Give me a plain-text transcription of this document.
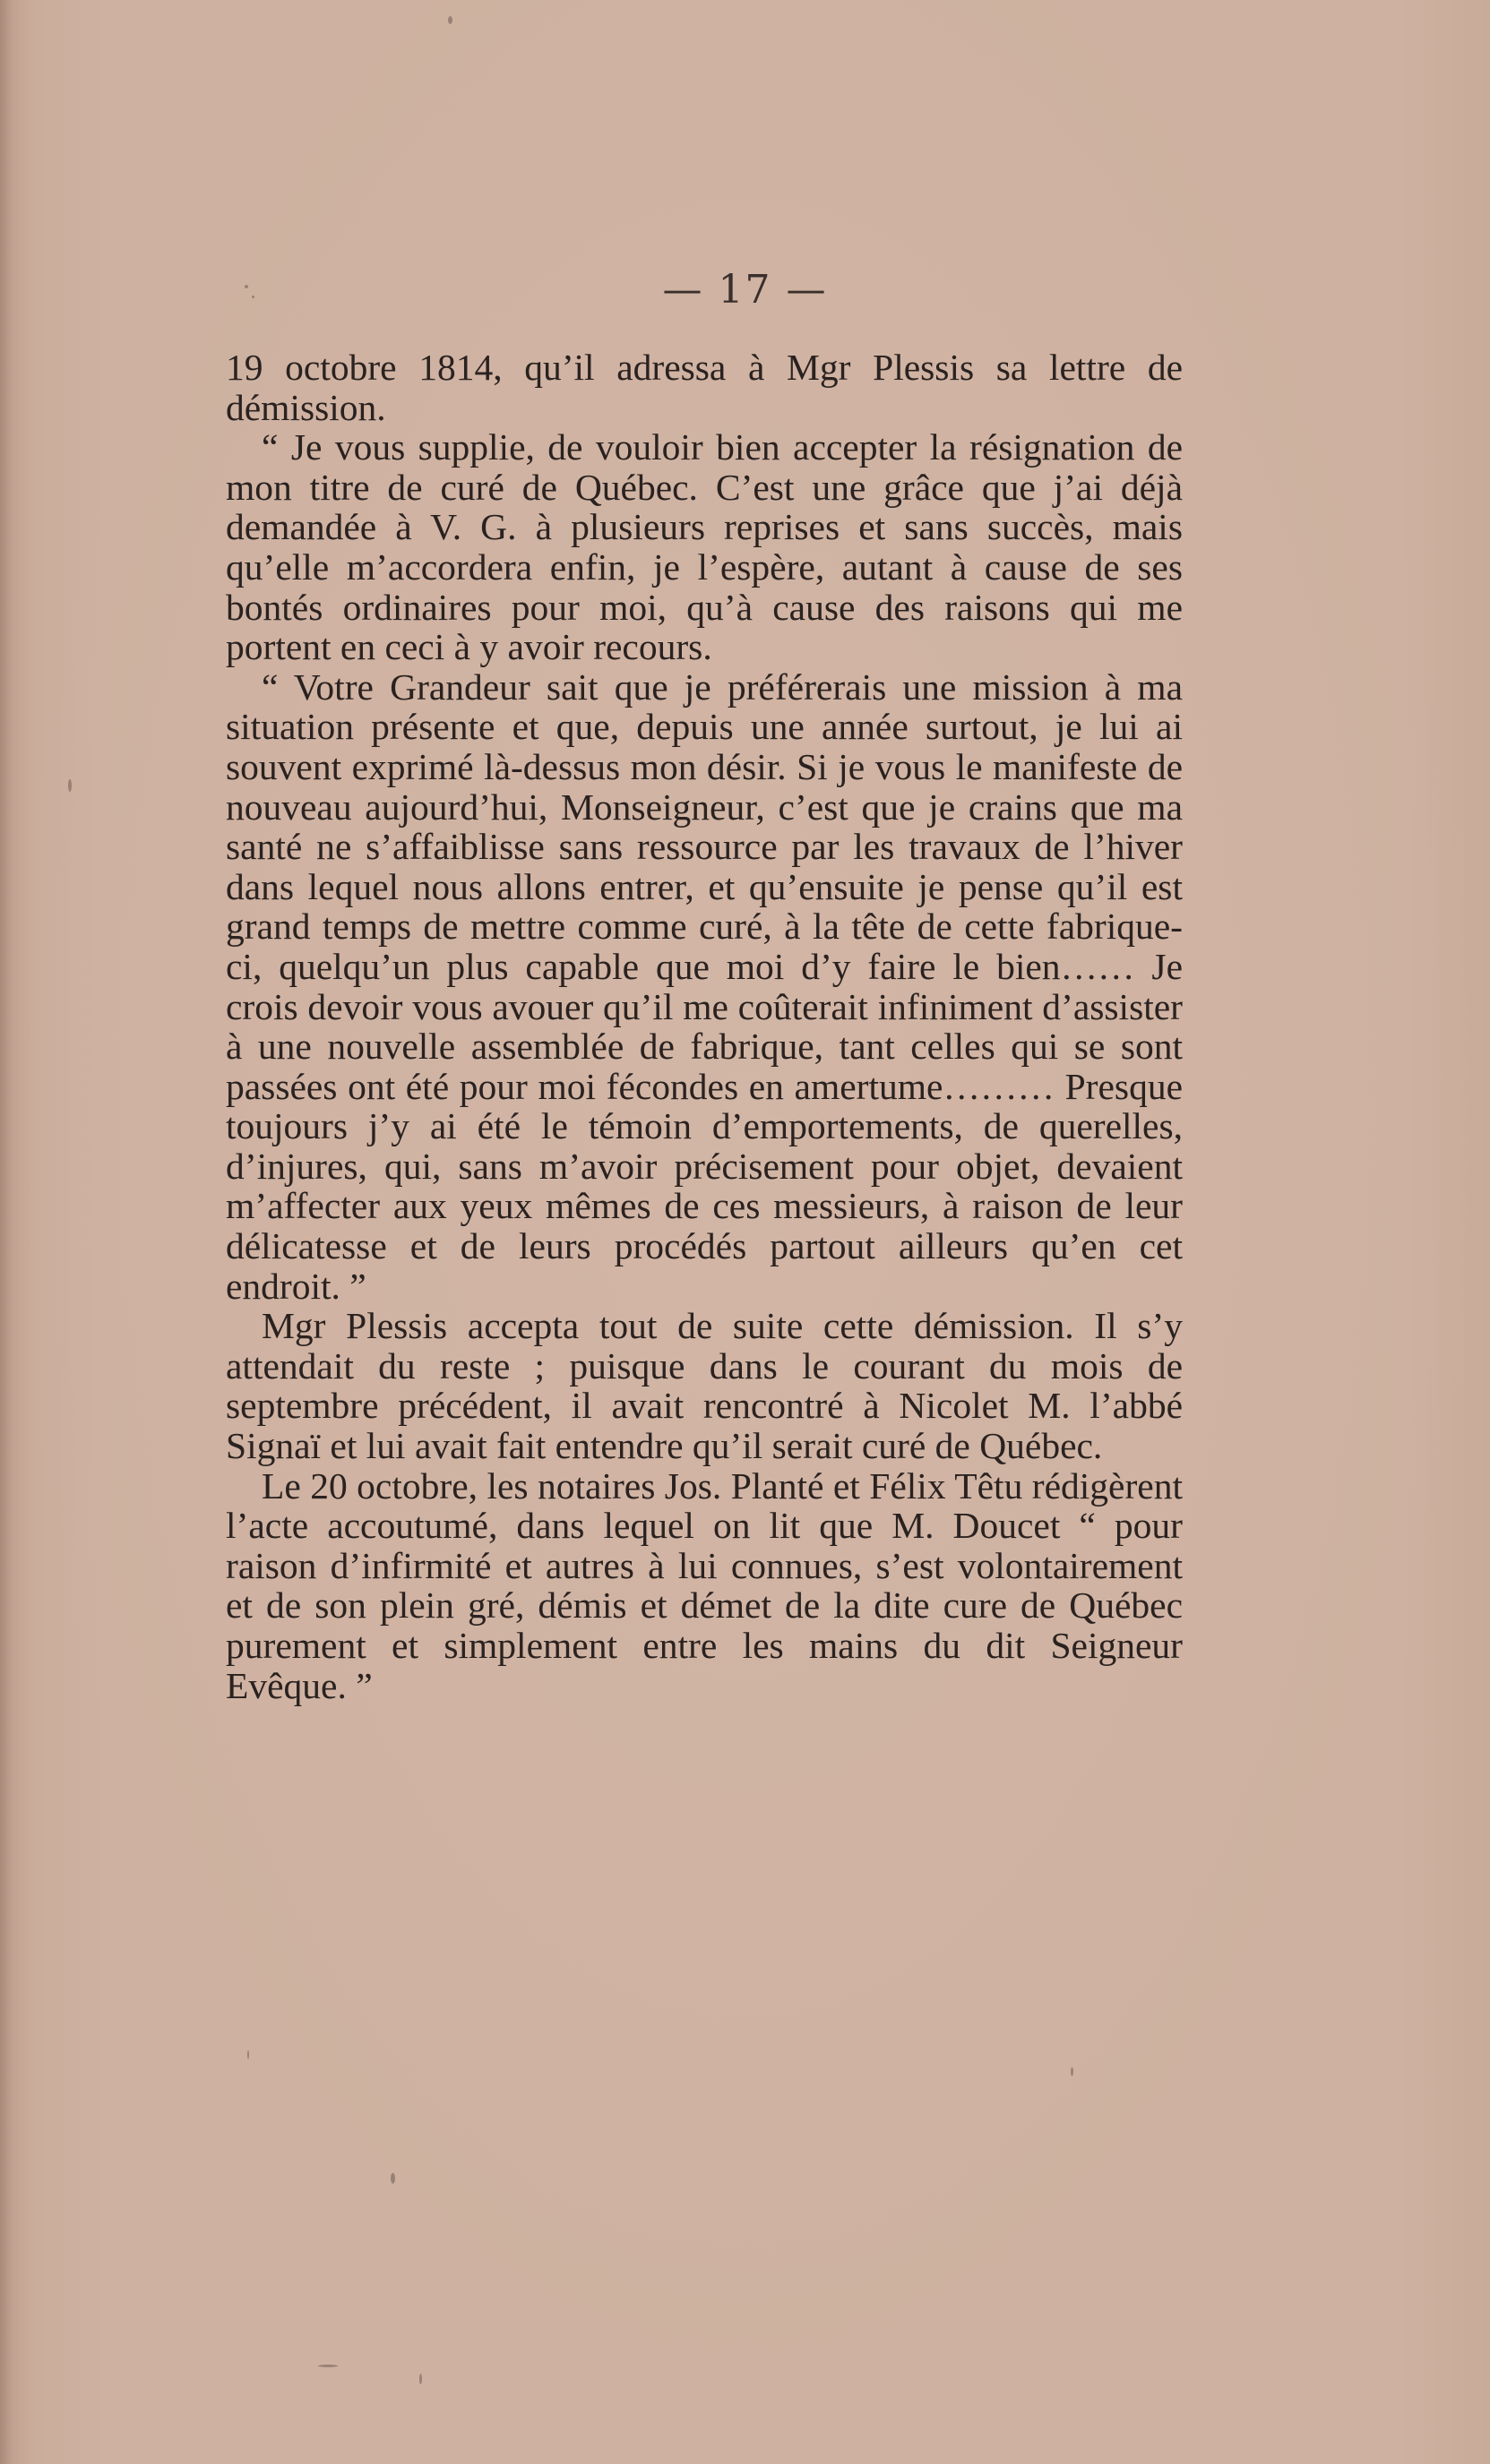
— 17 —

19 octobre 1814, qu’il adressa à Mgr Plessis sa lettre de démission.

“ Je vous supplie, de vouloir bien accepter la résignation de mon titre de curé de Québec. C’est une grâce que j’ai déjà demandée à V. G. à plusieurs reprises et sans succès, mais qu’elle m’accordera enfin, je l’espère, autant à cause de ses bontés ordinaires pour moi, qu’à cause des raisons qui me portent en ceci à y avoir recours.

“ Votre Grandeur sait que je préférerais une mission à ma situation présente et que, depuis une année surtout, je lui ai souvent exprimé là-dessus mon désir. Si je vous le manifeste de nouveau aujourd’hui, Monseigneur, c’est que je crains que ma santé ne s’affaiblisse sans ressource par les travaux de l’hiver dans lequel nous allons entrer, et qu’ensuite je pense qu’il est grand temps de mettre comme curé, à la tête de cette fabrique-ci, quelqu’un plus capable que moi d’y faire le bien…… Je crois devoir vous avouer qu’il me coûterait infiniment d’assister à une nouvelle assemblée de fabrique, tant celles qui se sont passées ont été pour moi fécondes en amertume……… Presque toujours j’y ai été le témoin d’emportements, de querelles, d’injures, qui, sans m’avoir précisement pour objet, devaient m’affecter aux yeux mêmes de ces messieurs, à raison de leur délicatesse et de leurs procédés partout ailleurs qu’en cet endroit. ”

Mgr Plessis accepta tout de suite cette démission. Il s’y attendait du reste ; puisque dans le courant du mois de septembre précédent, il avait rencontré à Nicolet M. l’abbé Signaï et lui avait fait entendre qu’il serait curé de Québec.

Le 20 octobre, les notaires Jos. Planté et Félix Têtu rédigèrent l’acte accoutumé, dans lequel on lit que M. Doucet “ pour raison d’infirmité et autres à lui connues, s’est volontairement et de son plein gré, démis et démet de la dite cure de Québec purement et simplement entre les mains du dit Seigneur Evêque. ”
